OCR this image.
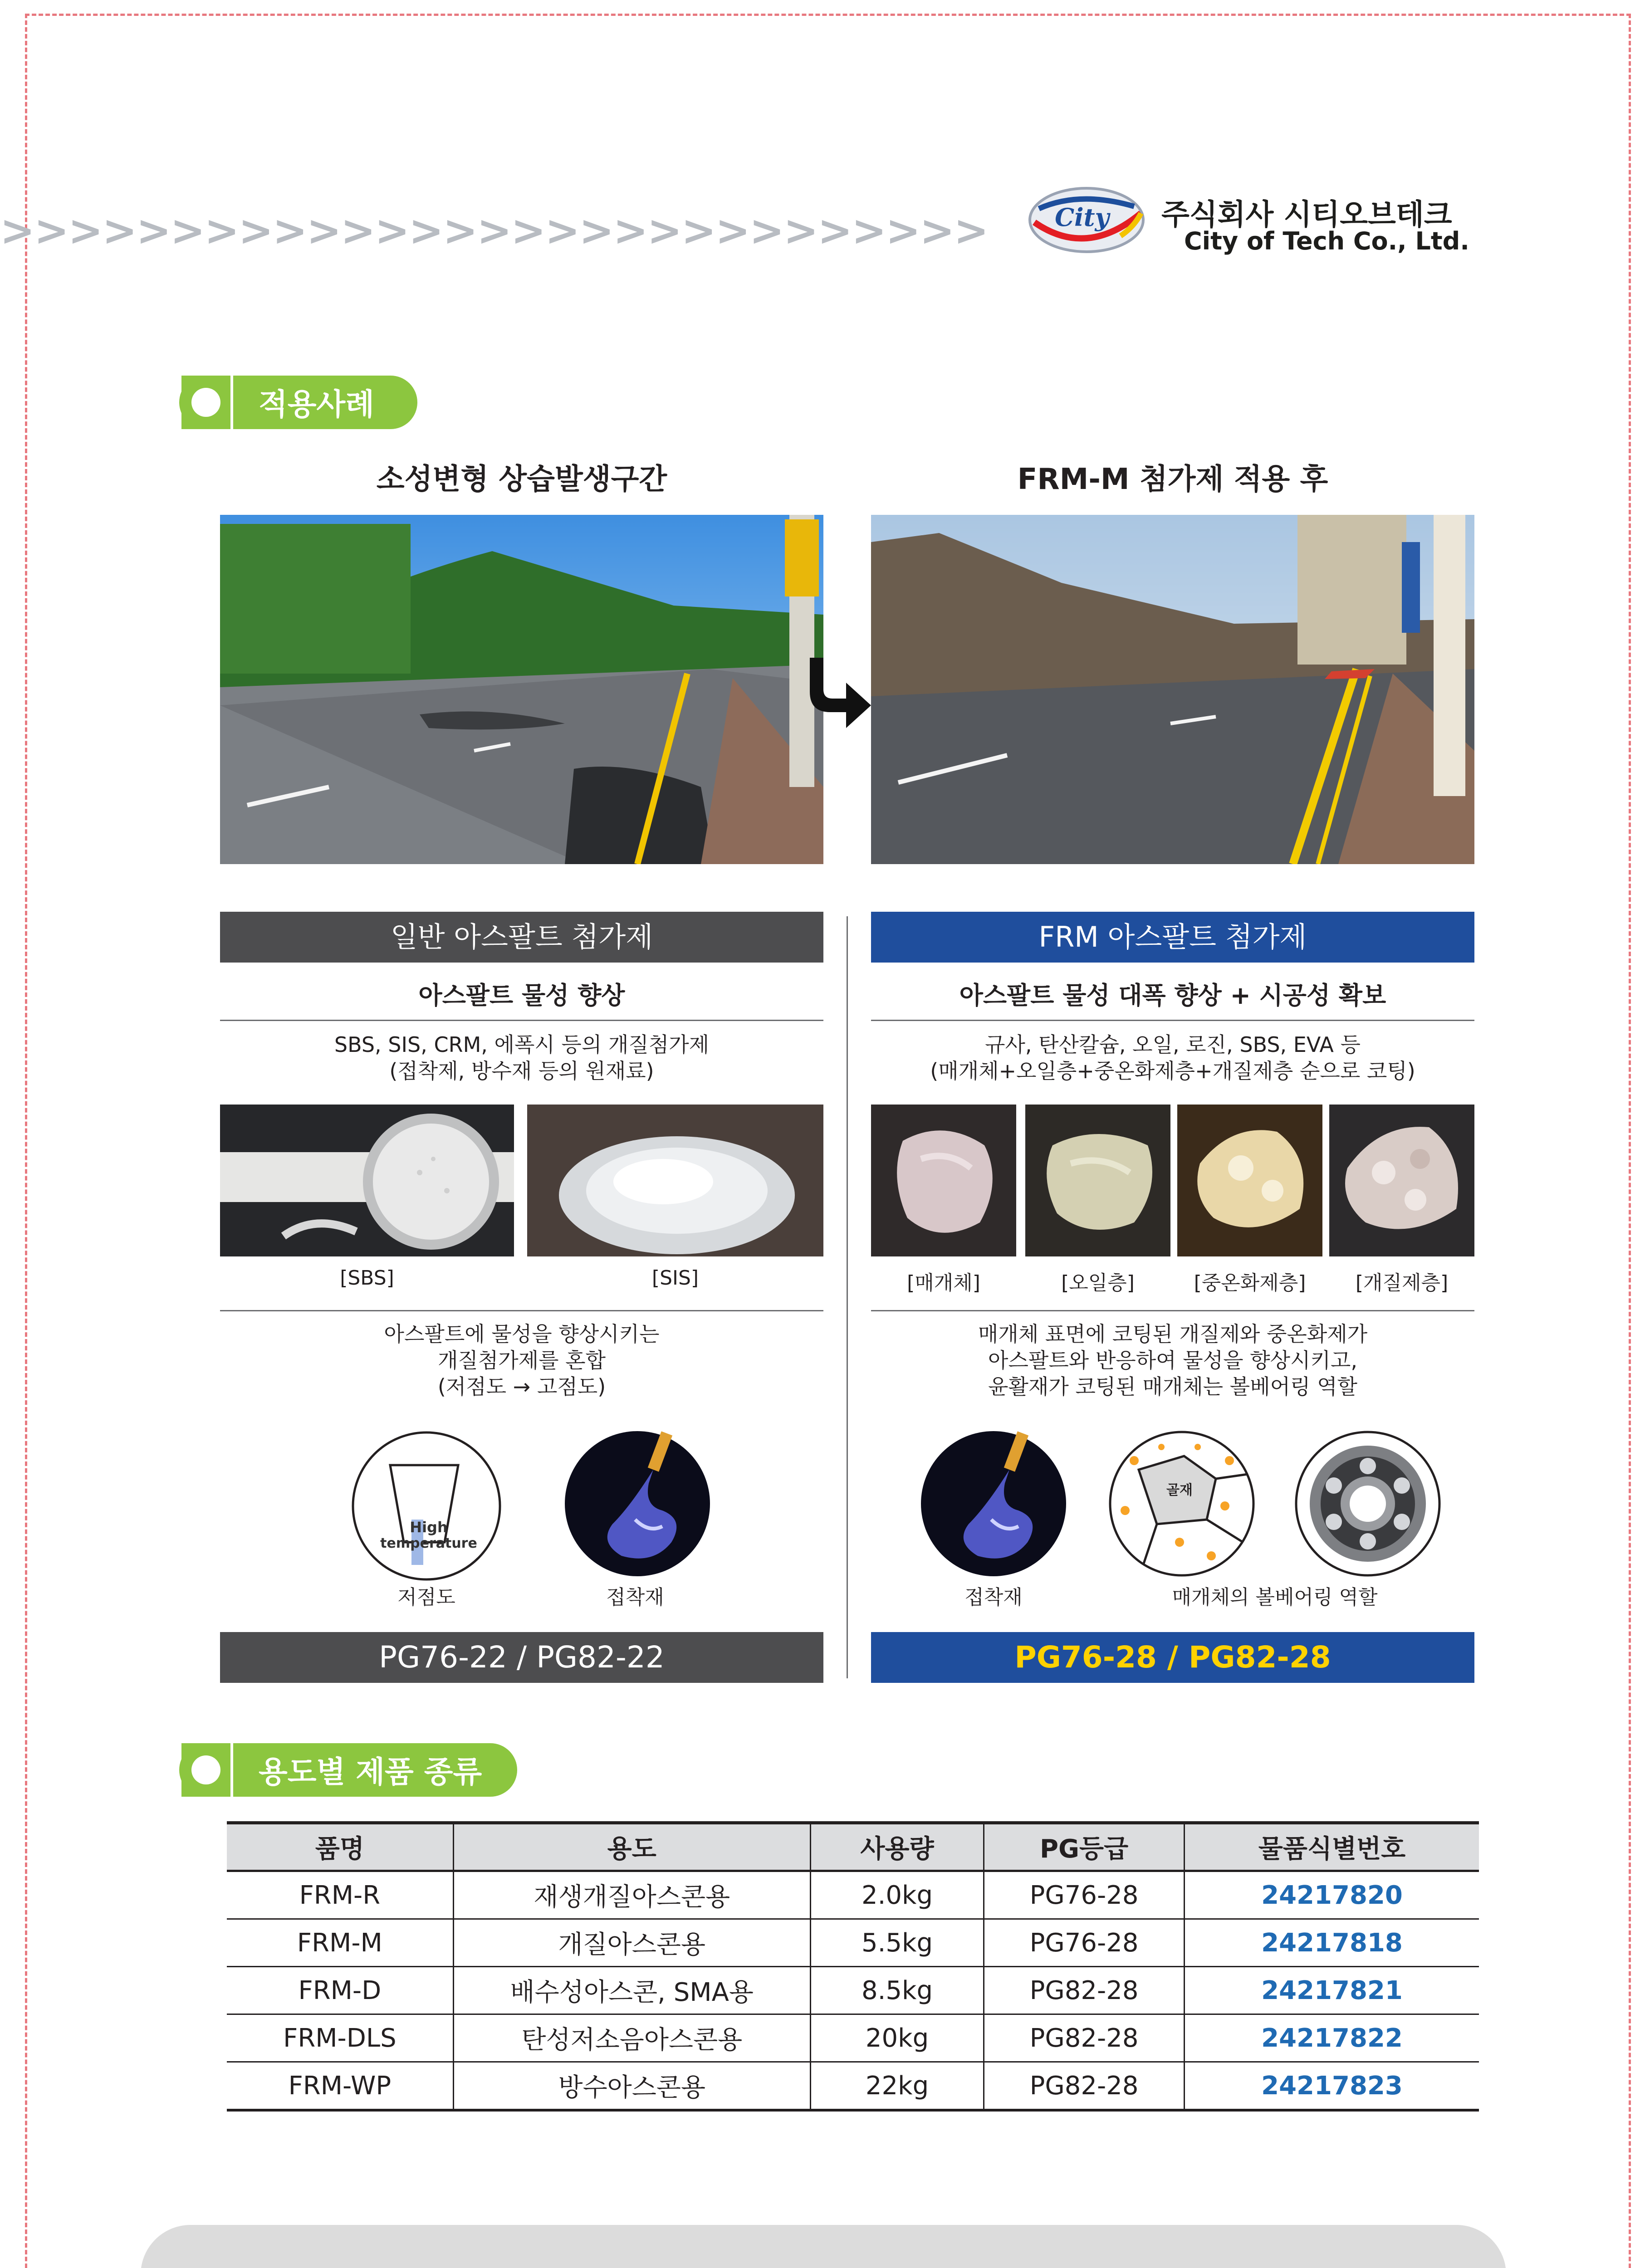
>>>>>>>>>>>>>>>>>>>>>>>>>>>>>	City 주식회사 시티오브테크
City of Tech Co., Ltd.
적용사례
소성변형 상습발생구간	FRM-M 첨가제 적용 후
일반 아스팔트 첨가제
아스팔트 물성 향상
SBS, SIS, CRM, 에폭시 등의 개질첨가제
(접착제, 방수재 등의 원재료)
[SBS]	[SIS]
아스팔트에 물성을 향상시키는
개질첨가제를 혼합
(저점도 → 고점도)
High
temperature
저점도	접착재
PG76-22 / PG82-22
FRM 아스팔트 첨가제
아스팔트 물성 대폭 향상 + 시공성 확보
규사, 탄산칼슘, 오일, 로진, SBS, EVA 등
(매개체+오일층+중온화제층+개질제층 순으로 코팅)
[매개체]	[오일층]	[중온화제층]	[개질제층]
매개체 표면에 코팅된 개질제와 중온화제가
아스팔트와 반응하여 물성을 향상시키고,
윤활재가 코팅된 매개체는 볼베어링 역할
골재
접착재	매개체의 볼베어링 역할
PG76-28 / PG82-28
용도별 제품 종류
품명	용도	사용량	PG등급	물품식별번호
FRM-R	재생개질아스콘용	2.0kg	PG76-28	24217820
FRM-M	개질아스콘용	5.5kg	PG76-28	24217818
FRM-D	배수성아스콘, SMA용	8.5kg	PG82-28	24217821
FRM-DLS	탄성저소음아스콘용	20kg	PG82-28	24217822
FRM-WP	방수아스콘용	22kg	PG82-28	24217823
